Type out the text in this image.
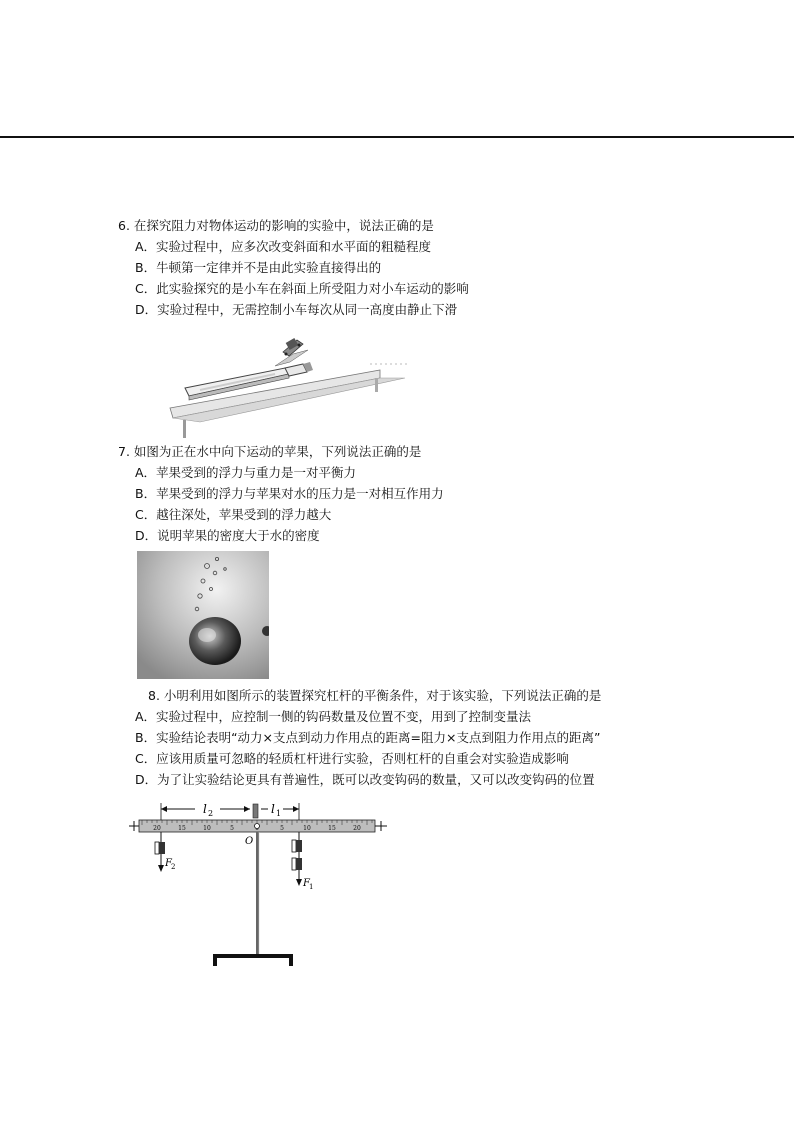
6. 在探究阻力对物体运动的影响的实验中，说法正确的是
A．实验过程中，应多次改变斜面和水平面的粗糙程度
B．牛顿第一定律并不是由此实验直接得出的
C．此实验探究的是小车在斜面上所受阻力对小车运动的影响
D．实验过程中，无需控制小车每次从同一高度由静止下滑
7. 如图为正在水中向下运动的苹果，下列说法正确的是
A．苹果受到的浮力与重力是一对平衡力
B．苹果受到的浮力与苹果对水的压力是一对相互作用力
C．越往深处，苹果受到的浮力越大
D．说明苹果的密度大于水的密度
8. 小明利用如图所示的装置探究杠杆的平衡条件，对于该实验，下列说法正确的是
A．实验过程中，应控制一侧的钩码数量及位置不变，用到了控制变量法
B．实验结论表明“动力×支点到动力作用点的距离=阻力×支点到阻力作用点的距离”
C．应该用质量可忽略的轻质杠杆进行实验，否则杠杆的自重会对实验造成影响
D．为了让实验结论更具有普遍性，既可以改变钩码的数量，又可以改变钩码的位置
l 2	l 1
20	15	10	5	5	10	15	20
O
F 2
F 1
